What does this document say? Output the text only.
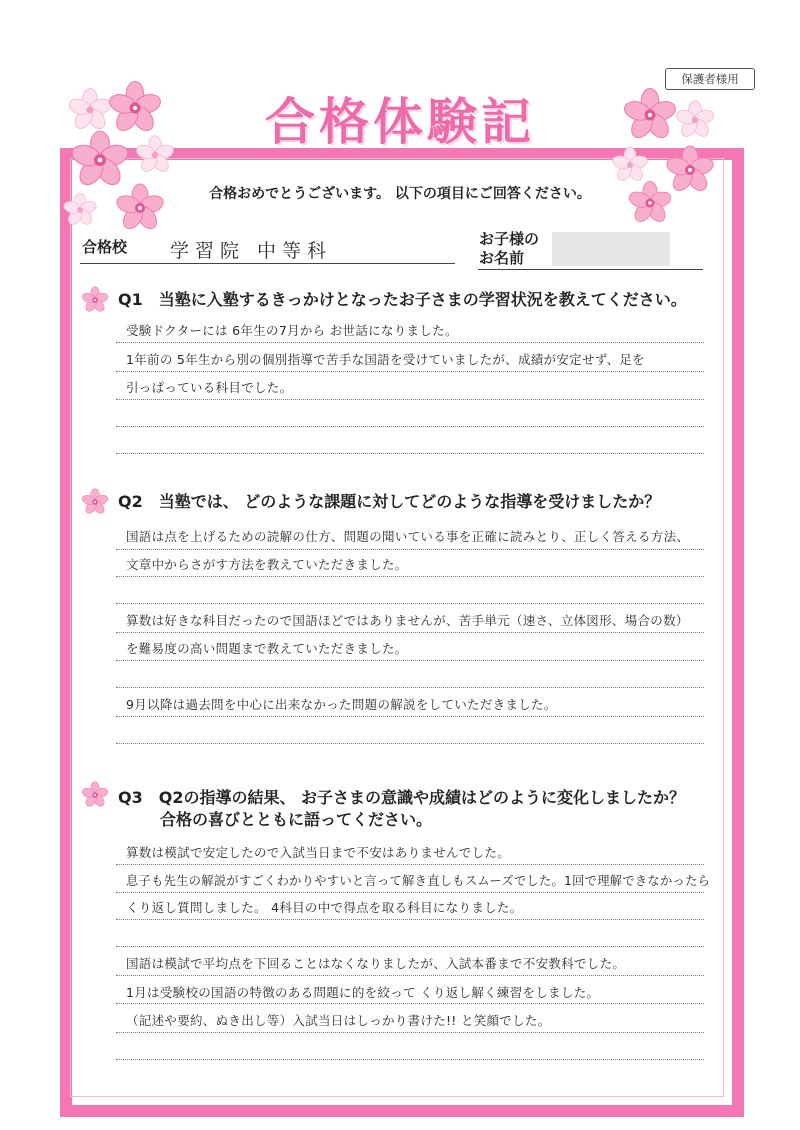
保護者様用
合格体験記
合格おめでとうございます。 以下の項目にご回答ください。
合格校 学習院 中等科
お子様の
お名前
Q1　当塾に入塾するきっかけとなったお子さまの学習状況を教えてください。
受験ドクターには 6年生の7月から お世話になりました。
1年前の 5年生から別の個別指導で苦手な国語を受けていましたが、成績が安定せず、足を
引っぱっている科目でした。
Q2　当塾では、 どのような課題に対してどのような指導を受けましたか？
国語は点を上げるための読解の仕方、問題の聞いている事を正確に読みとり、正しく答える方法、
文章中からさがす方法を教えていただきました。
算数は好きな科目だったので国語ほどではありませんが、苦手単元（速さ、立体図形、場合の数）
を難易度の高い問題まで教えていただきました。
9月以降は過去問を中心に出来なかった問題の解説をしていただきました。
Q3　Q2の指導の結果、 お子さまの意識や成績はどのように変化しましたか？
合格の喜びとともに語ってください。
算数は模試で安定したので入試当日まで不安はありませんでした。
息子も先生の解説がすごくわかりやすいと言って解き直しもスムーズでした。1回で理解できなかったら
くり返し質問しました。 4科目の中で得点を取る科目になりました。
国語は模試で平均点を下回ることはなくなりましたが、入試本番まで不安教科でした。
1月は受験校の国語の特徴のある問題に的を絞って くり返し解く練習をしました。
（記述や要約、ぬき出し等）入試当日はしっかり書けた!! と笑顔でした。
